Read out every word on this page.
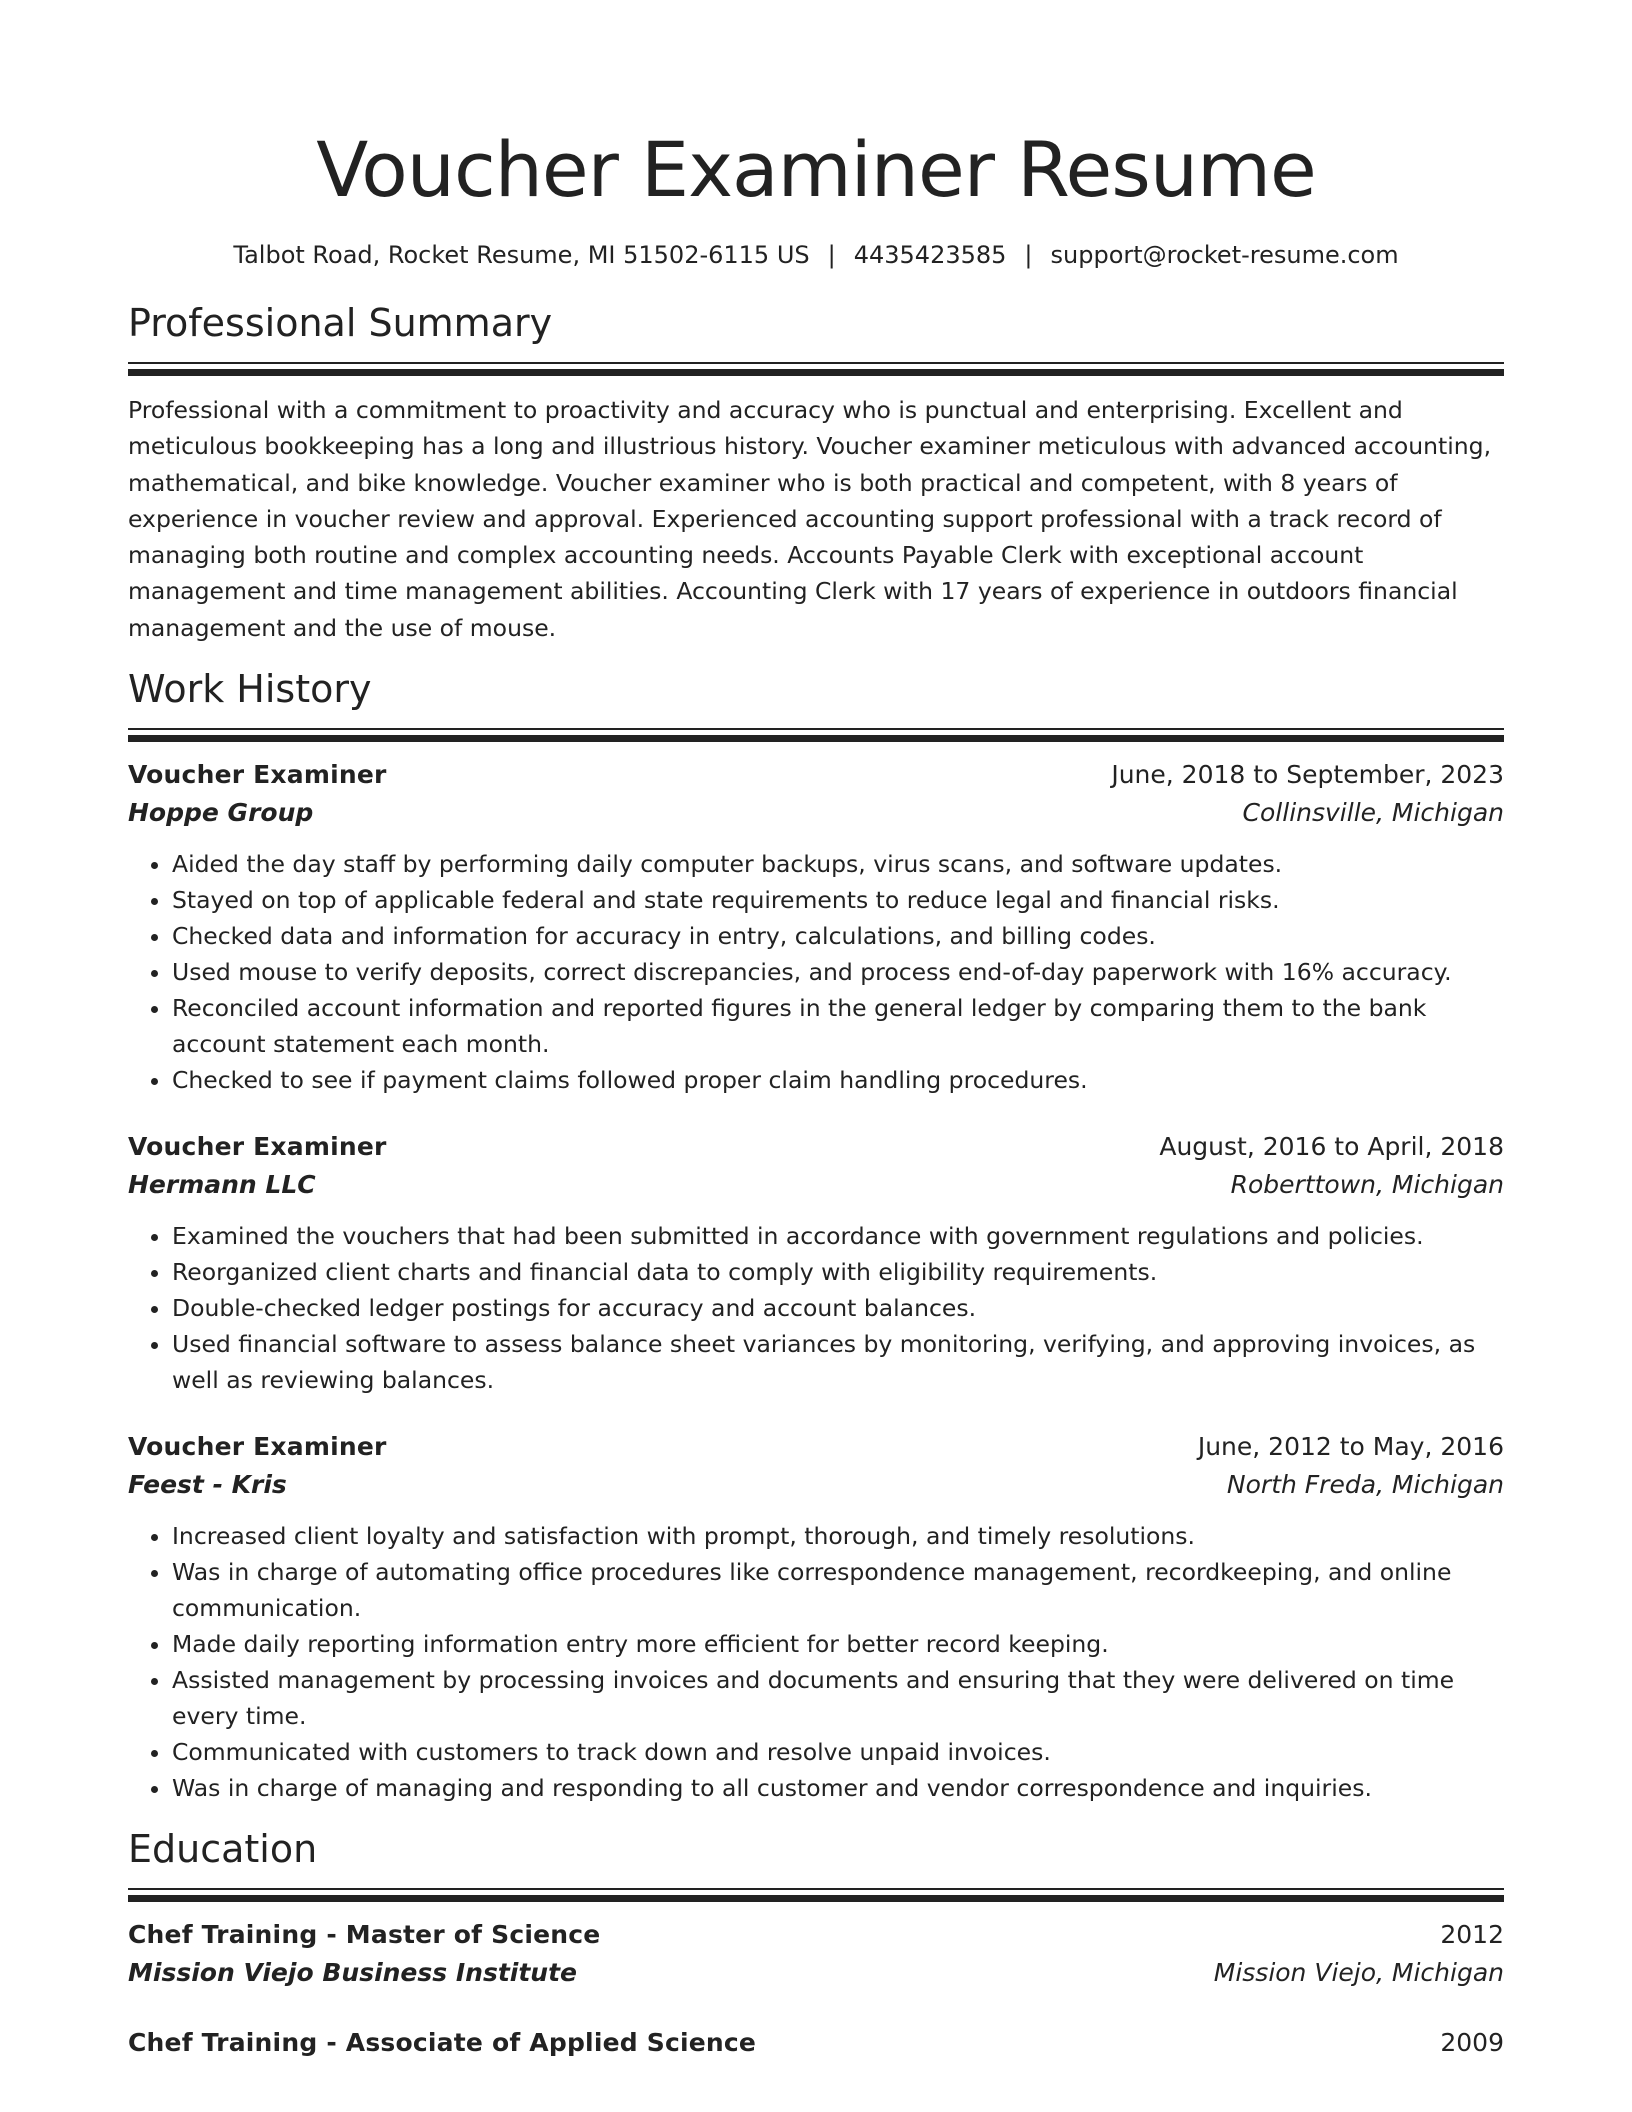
Voucher Examiner Resume
Talbot Road, Rocket Resume, MI 51502-6115 US | 4435423585 | support@rocket-resume.com
Professional Summary
Professional with a commitment to proactivity and accuracy who is punctual and enterprising. Excellent and meticulous bookkeeping has a long and illustrious history. Voucher examiner meticulous with advanced accounting, mathematical, and bike knowledge. Voucher examiner who is both practical and competent, with 8 years of experience in voucher review and approval. Experienced accounting support professional with a track record of managing both routine and complex accounting needs. Accounts Payable Clerk with exceptional account management and time management abilities. Accounting Clerk with 17 years of experience in outdoors financial management and the use of mouse.
Work History
Voucher Examiner	June, 2018 to September, 2023
Hoppe Group	Collinsville, Michigan
• Aided the day staff by performing daily computer backups, virus scans, and software updates.
• Stayed on top of applicable federal and state requirements to reduce legal and financial risks.
• Checked data and information for accuracy in entry, calculations, and billing codes.
• Used mouse to verify deposits, correct discrepancies, and process end-of-day paperwork with 16% accuracy.
• Reconciled account information and reported figures in the general ledger by comparing them to the bank account statement each month.
• Checked to see if payment claims followed proper claim handling procedures.
Voucher Examiner	August, 2016 to April, 2018
Hermann LLC	Roberttown, Michigan
• Examined the vouchers that had been submitted in accordance with government regulations and policies.
• Reorganized client charts and financial data to comply with eligibility requirements.
• Double-checked ledger postings for accuracy and account balances.
• Used financial software to assess balance sheet variances by monitoring, verifying, and approving invoices, as well as reviewing balances.
Voucher Examiner	June, 2012 to May, 2016
Feest - Kris	North Freda, Michigan
• Increased client loyalty and satisfaction with prompt, thorough, and timely resolutions.
• Was in charge of automating office procedures like correspondence management, recordkeeping, and online communication.
• Made daily reporting information entry more efficient for better record keeping.
• Assisted management by processing invoices and documents and ensuring that they were delivered on time every time.
• Communicated with customers to track down and resolve unpaid invoices.
• Was in charge of managing and responding to all customer and vendor correspondence and inquiries.
Education
Chef Training - Master of Science	2012
Mission Viejo Business Institute	Mission Viejo, Michigan
Chef Training - Associate of Applied Science	2009
